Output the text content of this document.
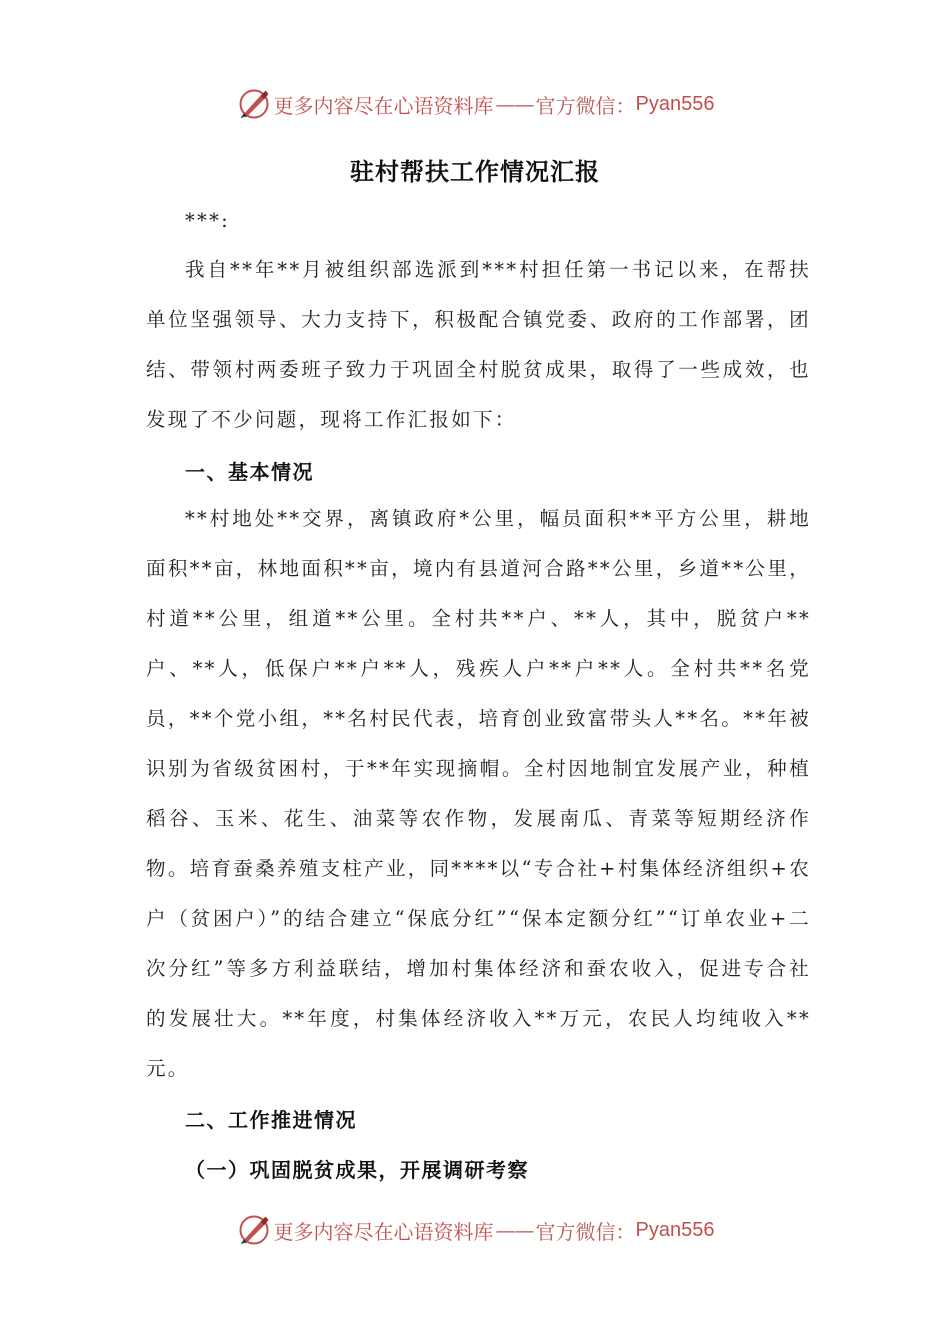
更多内容尽在心语资料库 —— 官方微信： Pyan556
驻村帮扶工作情况汇报
***:
我自**年**月被组织部选派到***村担任第一书记以来，在帮扶单位坚强领导、大力支持下，积极配合镇党委、政府的工作部署，团结、带领村两委班子致力于巩固全村脱贫成果，取得了一些成效，也发现了不少问题，现将工作汇报如下：
一、基本情况
**村地处**交界，离镇政府*公里，幅员面积**平方公里，耕地面积**亩，林地面积**亩，境内有县道河合路**公里，乡道**公里，村道**公里，组道**公里。全村共**户、**人，其中，脱贫户**户、**人，低保户**户**人，残疾人户**户**人。全村共**名党员，**个党小组，**名村民代表，培育创业致富带头人**名。**年被识别为省级贫困村，于**年实现摘帽。全村因地制宜发展产业，种植稻谷、玉米、花生、油菜等农作物，发展南瓜、青菜等短期经济作物。培育蚕桑养殖支柱产业，同****以“专合社+村集体经济组织+农户（贫困户）”的结合建立“保底分红”“保本定额分红”“订单农业+二次分红”等多方利益联结，增加村集体经济和蚕农收入，促进专合社的发展壮大。**年度，村集体经济收入**万元，农民人均纯收入**元。
二、工作推进情况
（一）巩固脱贫成果，开展调研考察
更多内容尽在心语资料库 —— 官方微信： Pyan556
